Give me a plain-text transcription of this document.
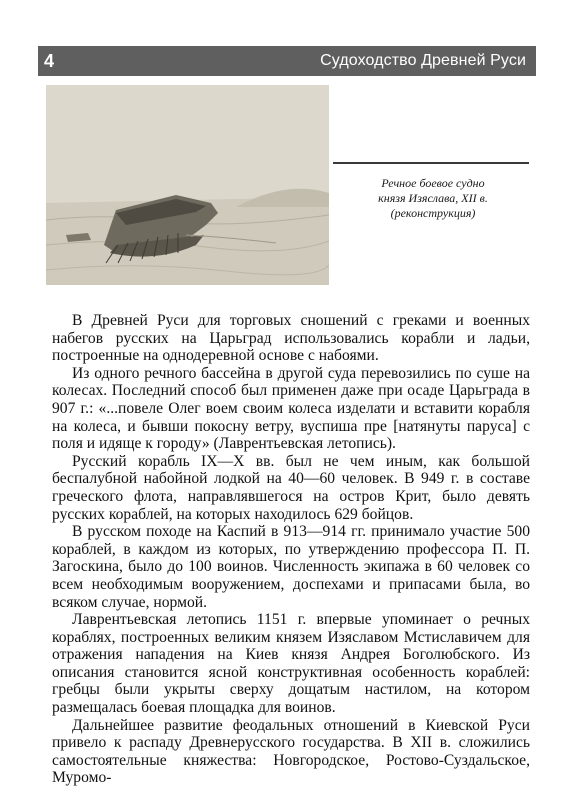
4	Судоходство Древней Руси
Речное боевое судно
князя Изяслава, XII в.
(реконструкция)

В Древней Руси для торговых сношений с греками и военных набегов русских на Царьград использовались корабли и ладьи, построенные на однодеревной основе с набоями.

Из одного речного бассейна в другой суда перевозились по суше на колесах. Последний способ был применен даже при осаде Царьграда в 907 г.: «...повеле Олег воем своим колеса изделати и вставити корабля на колеса, и бывши покосну ветру, вуспиша пре [натянуты паруса] с поля и идяще к городу» (Лаврентьевская летопись).

Русский корабль IX—X вв. был не чем иным, как большой беспалубной набойной лодкой на 40—60 человек. В 949 г. в составе греческого флота, направлявшегося на остров Крит, было девять русских кораблей, на которых находилось 629 бойцов.

В русском походе на Каспий в 913—914 гг. принимало участие 500 кораблей, в каждом из которых, по утверждению профессора П. П. Загоскина, было до 100 воинов. Численность экипажа в 60 человек со всем необходимым вооружением, доспехами и припасами была, во всяком случае, нормой.

Лаврентьевская летопись 1151 г. впервые упоминает о речных кораблях, построенных великим князем Изяславом Мстиславичем для отражения нападения на Киев князя Андрея Боголюбского. Из описания становится ясной конструктивная особенность кораблей: гребцы были укрыты сверху дощатым настилом, на котором размещалась боевая площадка для воинов.

Дальнейшее развитие феодальных отношений в Киевской Руси привело к распаду Древнерусского государства. В XII в. сложились самостоятельные княжества: Новгородское, Ростово-Суздальское, Муромо-
